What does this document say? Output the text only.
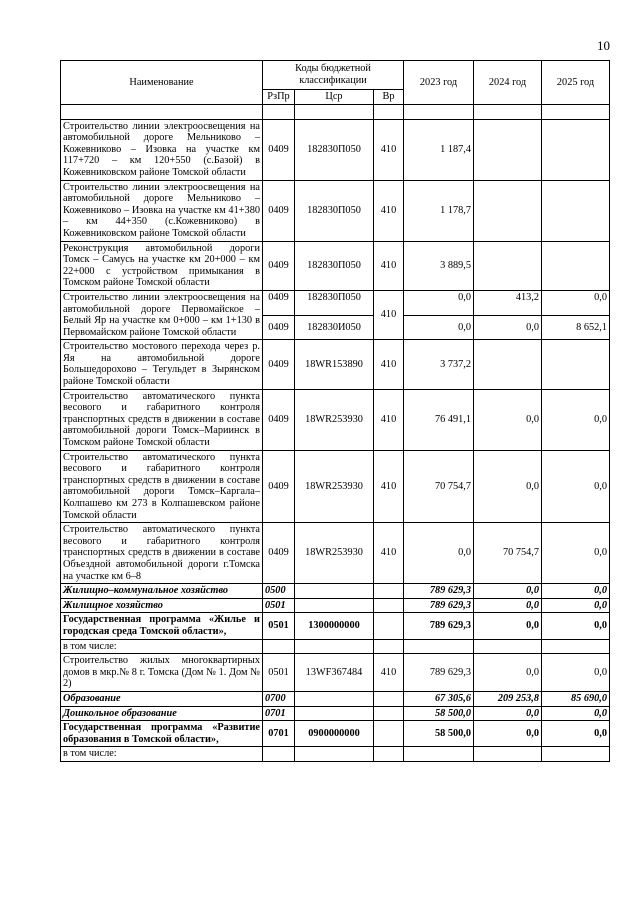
10
Наименование	Коды бюджетной классификации			2023 год	2024 год	2025 год
	РзПр	Цср	Вр			

Строительство линии электроосвещения на автомобильной дороге Мельниково – Кожевниково – Изовка на участке км 117+720 – км 120+550 (с.Базой) в Кожевниковском районе Томской области	0409	182830П050	410	1 187,4		
Строительство линии электроосвещения на автомобильной дороге Мельниково – Кожевниково – Изовка на участке км 41+380 – км 44+350 (с.Кожевниково) в Кожевниковском районе Томской области	0409	182830П050	410	1 178,7		
Реконструкция автомобильной дороги Томск – Самусь на участке км 20+000 – км 22+000 с устройством примыкания в Томском районе Томской области	0409	182830П050	410	3 889,5		
Строительство линии электроосвещения на автомобильной дороге Первомайское – Белый Яр на участке км 0+000 – км 1+130 в Первомайском районе Томской области	0409	182830П050	410	0,0	413,2	0,0
	0409	182830И050		0,0	0,0	8 652,1
Строительство мостового перехода через р. Яя на автомобильной дороге Большедорохово – Тегульдет в Зырянском районе Томской области	0409	18WR153890	410	3 737,2		
Строительство автоматического пункта весового и габаритного контроля транспортных средств в движении в составе автомобильной дороги Томск–Мариинск в Томском районе Томской области	0409	18WR253930	410	76 491,1	0,0	0,0
Строительство автоматического пункта весового и габаритного контроля транспортных средств в движении в составе автомобильной дороги Томск–Каргала–Колпашево км 273 в Колпашевском районе Томской области	0409	18WR253930	410	70 754,7	0,0	0,0
Строительство автоматического пункта весового и габаритного контроля транспортных средств в движении в составе Объездной автомобильной дороги г.Томска на участке км 6–8	0409	18WR253930	410	0,0	70 754,7	0,0
Жилищно–коммунальное хозяйство	0500			789 629,3	0,0	0,0
Жилищное хозяйство	0501			789 629,3	0,0	0,0
Государственная программа «Жилье и городская среда Томской области»,	0501	1300000000		789 629,3	0,0	0,0
в том числе:						
Строительство жилых многоквартирных домов в мкр.№ 8 г. Томска (Дом № 1. Дом № 2)	0501	13WF367484	410	789 629,3	0,0	0,0
Образование	0700			67 305,6	209 253,8	85 690,0
Дошкольное образование	0701			58 500,0	0,0	0,0
Государственная программа «Развитие образования в Томской области»,	0701	0900000000		58 500,0	0,0	0,0
в том числе:						
